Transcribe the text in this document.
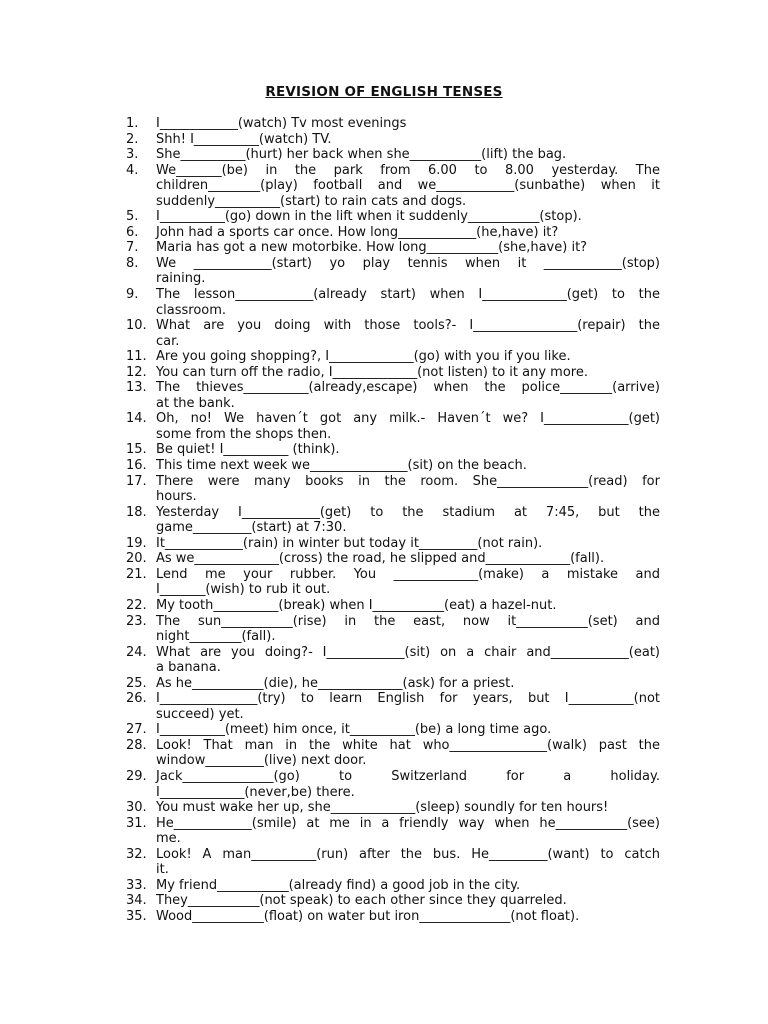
REVISION OF ENGLISH TENSES
1.	I____________(watch) Tv most evenings
2.	Shh! I__________(watch) TV.
3.	She__________(hurt) her back when she___________(lift) the bag.
4.	We_______(be) in the park from 6.00 to 8.00 yesterday. The
children________(play) football and we____________(sunbathe) when it
suddenly__________(start) to rain cats and dogs.
5.	I__________(go) down in the lift when it suddenly___________(stop).
6.	John had a sports car once. How long____________(he,have) it?
7.	Maria has got a new motorbike. How long___________(she,have) it?
8.	We ____________(start) yo play tennis when it ____________(stop)
raining.
9.	The lesson____________(already start) when I_____________(get) to the
classroom.
10. What are you doing with those tools?- I________________(repair) the
car.
11. Are you going shopping?, I_____________(go) with you if you like.
12. You can turn off the radio, I_____________(not listen) to it any more.
13. The thieves__________(already,escape) when the police________(arrive)
at the bank.
14. Oh, no! We haven´t got any milk.- Haven´t we? I_____________(get)
some from the shops then.
15. Be quiet! I__________ (think).
16. This time next week we_______________(sit) on the beach.
17. There were many books in the room. She______________(read) for
hours.
18. Yesterday I____________(get) to the stadium at 7:45, but the
game_________(start) at 7:30.
19. It____________(rain) in winter but today it_________(not rain).
20. As we_____________(cross) the road, he slipped and_____________(fall).
21. Lend me your rubber. You _____________(make) a mistake and
I_______(wish) to rub it out.
22. My tooth__________(break) when I___________(eat) a hazel-nut.
23. The sun___________(rise) in the east, now it___________(set) and
night________(fall).
24. What are you doing?- I____________(sit) on a chair and____________(eat)
a banana.
25. As he___________(die), he_____________(ask) for a priest.
26. I_______________(try) to learn English for years, but I__________(not
succeed) yet.
27. I__________(meet) him once, it__________(be) a long time ago.
28. Look! That man in the white hat who_______________(walk) past the
window_________(live) next door.
29. Jack______________(go) to Switzerland for a holiday.
I_____________(never,be) there.
30. You must wake her up, she_____________(sleep) soundly for ten hours!
31. He____________(smile) at me in a friendly way when he___________(see)
me.
32. Look! A man__________(run) after the bus. He_________(want) to catch
it.
33. My friend___________(already find) a good job in the city.
34. They___________(not speak) to each other since they quarreled.
35. Wood___________(float) on water but iron______________(not float).
